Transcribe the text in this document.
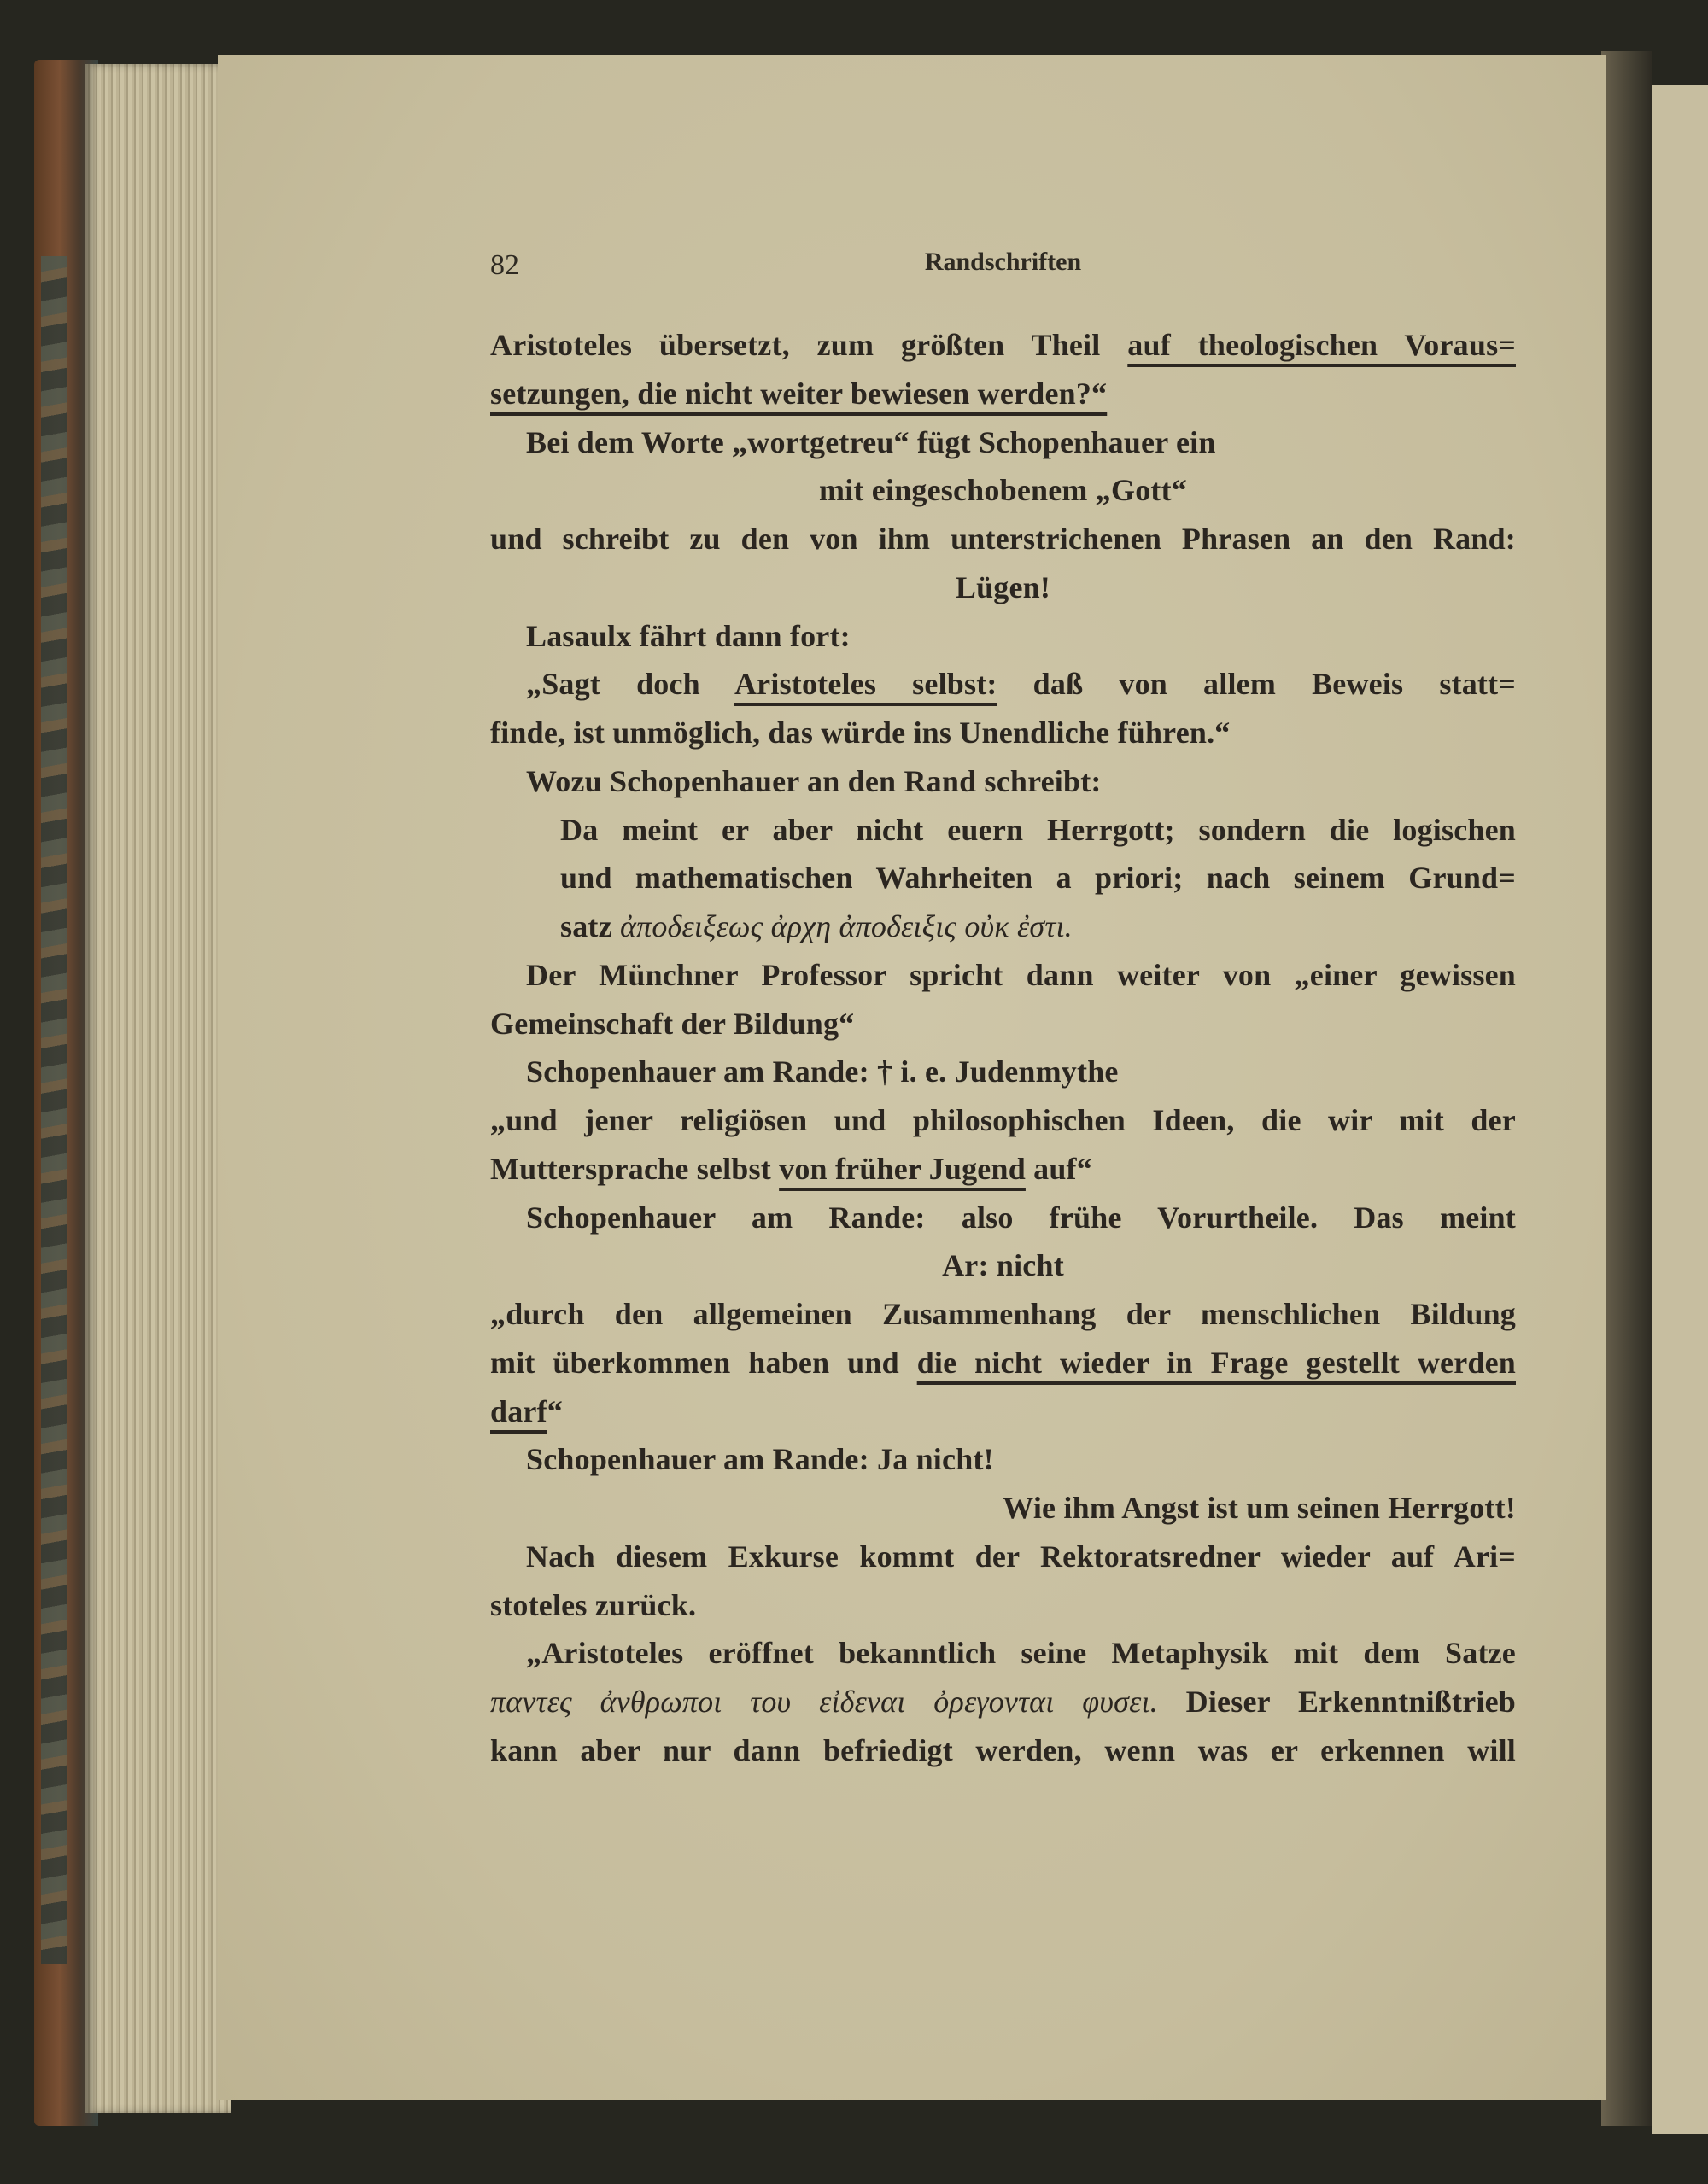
82	Randschriften
Aristoteles übersetzt, zum größten Theil auf theologischen Voraus=
setzungen, die nicht weiter bewiesen werden?“
Bei dem Worte „wortgetreu“ fügt Schopenhauer ein
mit eingeschobenem „Gott“
und schreibt zu den von ihm unterstrichenen Phrasen an den Rand:
Lügen!
Lasaulx fährt dann fort:
„Sagt doch Aristoteles selbst: daß von allem Beweis statt=
finde, ist unmöglich, das würde ins Unendliche führen.“
Wozu Schopenhauer an den Rand schreibt:
Da meint er aber nicht euern Herrgott; sondern die logischen
und mathematischen Wahrheiten a priori; nach seinem Grund=
satz ἀποδειξεως ἀρχη ἀποδειξις οὐκ ἐστι.
Der Münchner Professor spricht dann weiter von „einer gewissen
Gemeinschaft der Bildung“
Schopenhauer am Rande: † i. e. Judenmythe
„und jener religiösen und philosophischen Ideen, die wir mit der
Muttersprache selbst von früher Jugend auf“
Schopenhauer am Rande: also frühe Vorurtheile. Das meint
Ar: nicht
„durch den allgemeinen Zusammenhang der menschlichen Bildung
mit überkommen haben und die nicht wieder in Frage gestellt werden
darf“
Schopenhauer am Rande: Ja nicht!
Wie ihm Angst ist um seinen Herrgott!
Nach diesem Exkurse kommt der Rektoratsredner wieder auf Ari=
stoteles zurück.
„Aristoteles eröffnet bekanntlich seine Metaphysik mit dem Satze
παντες ἀνθρωποι του εἰδεναι ὀρεγονται φυσει. Dieser Erkenntnißtrieb
kann aber nur dann befriedigt werden, wenn was er erkennen will
